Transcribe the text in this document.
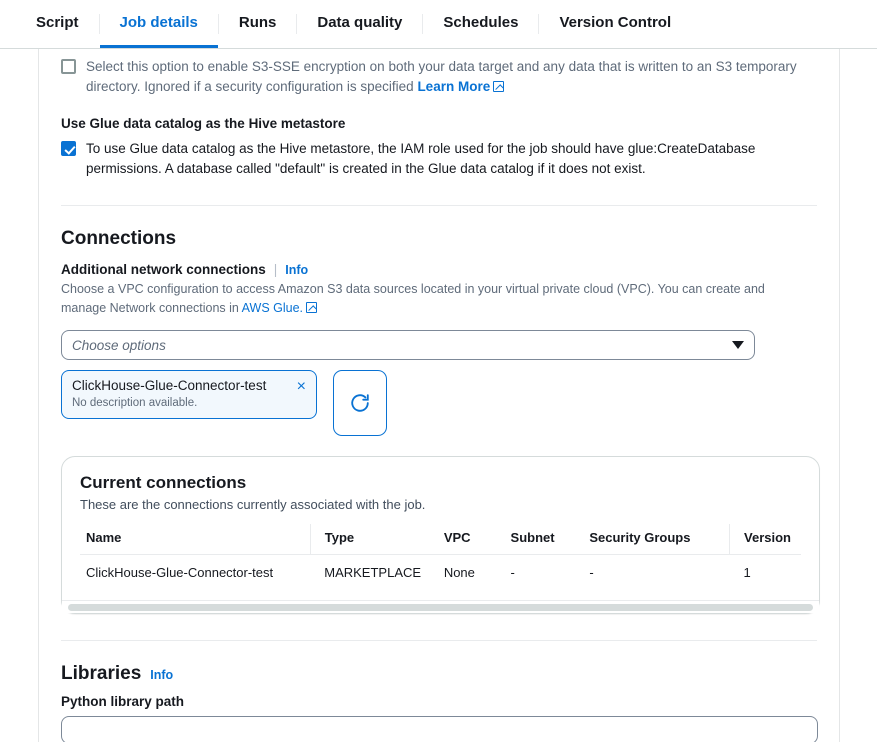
Script	Job details	Runs	Data quality	Schedules	Version Control
Select this option to enable S3-SSE encryption on both your data target and any data that is written to an S3 temporary directory. Ignored if a security configuration is specified Learn More
Use Glue data catalog as the Hive metastore
To use Glue data catalog as the Hive metastore, the IAM role used for the job should have glue:CreateDatabase permissions. A database called "default" is created in the Glue data catalog if it does not exist.
Connections
Additional network connections | Info
Choose a VPC configuration to access Amazon S3 data sources located in your virtual private cloud (VPC). You can create and manage Network connections in AWS Glue.
Choose options
ClickHouse-Glue-Connector-test
No description available.
×
Current connections
These are the connections currently associated with the job.
Name	Type	VPC	Subnet	Security Groups	Version
ClickHouse-Glue-Connector-test	MARKETPLACE	None	-	-	1
Libraries Info
Python library path
